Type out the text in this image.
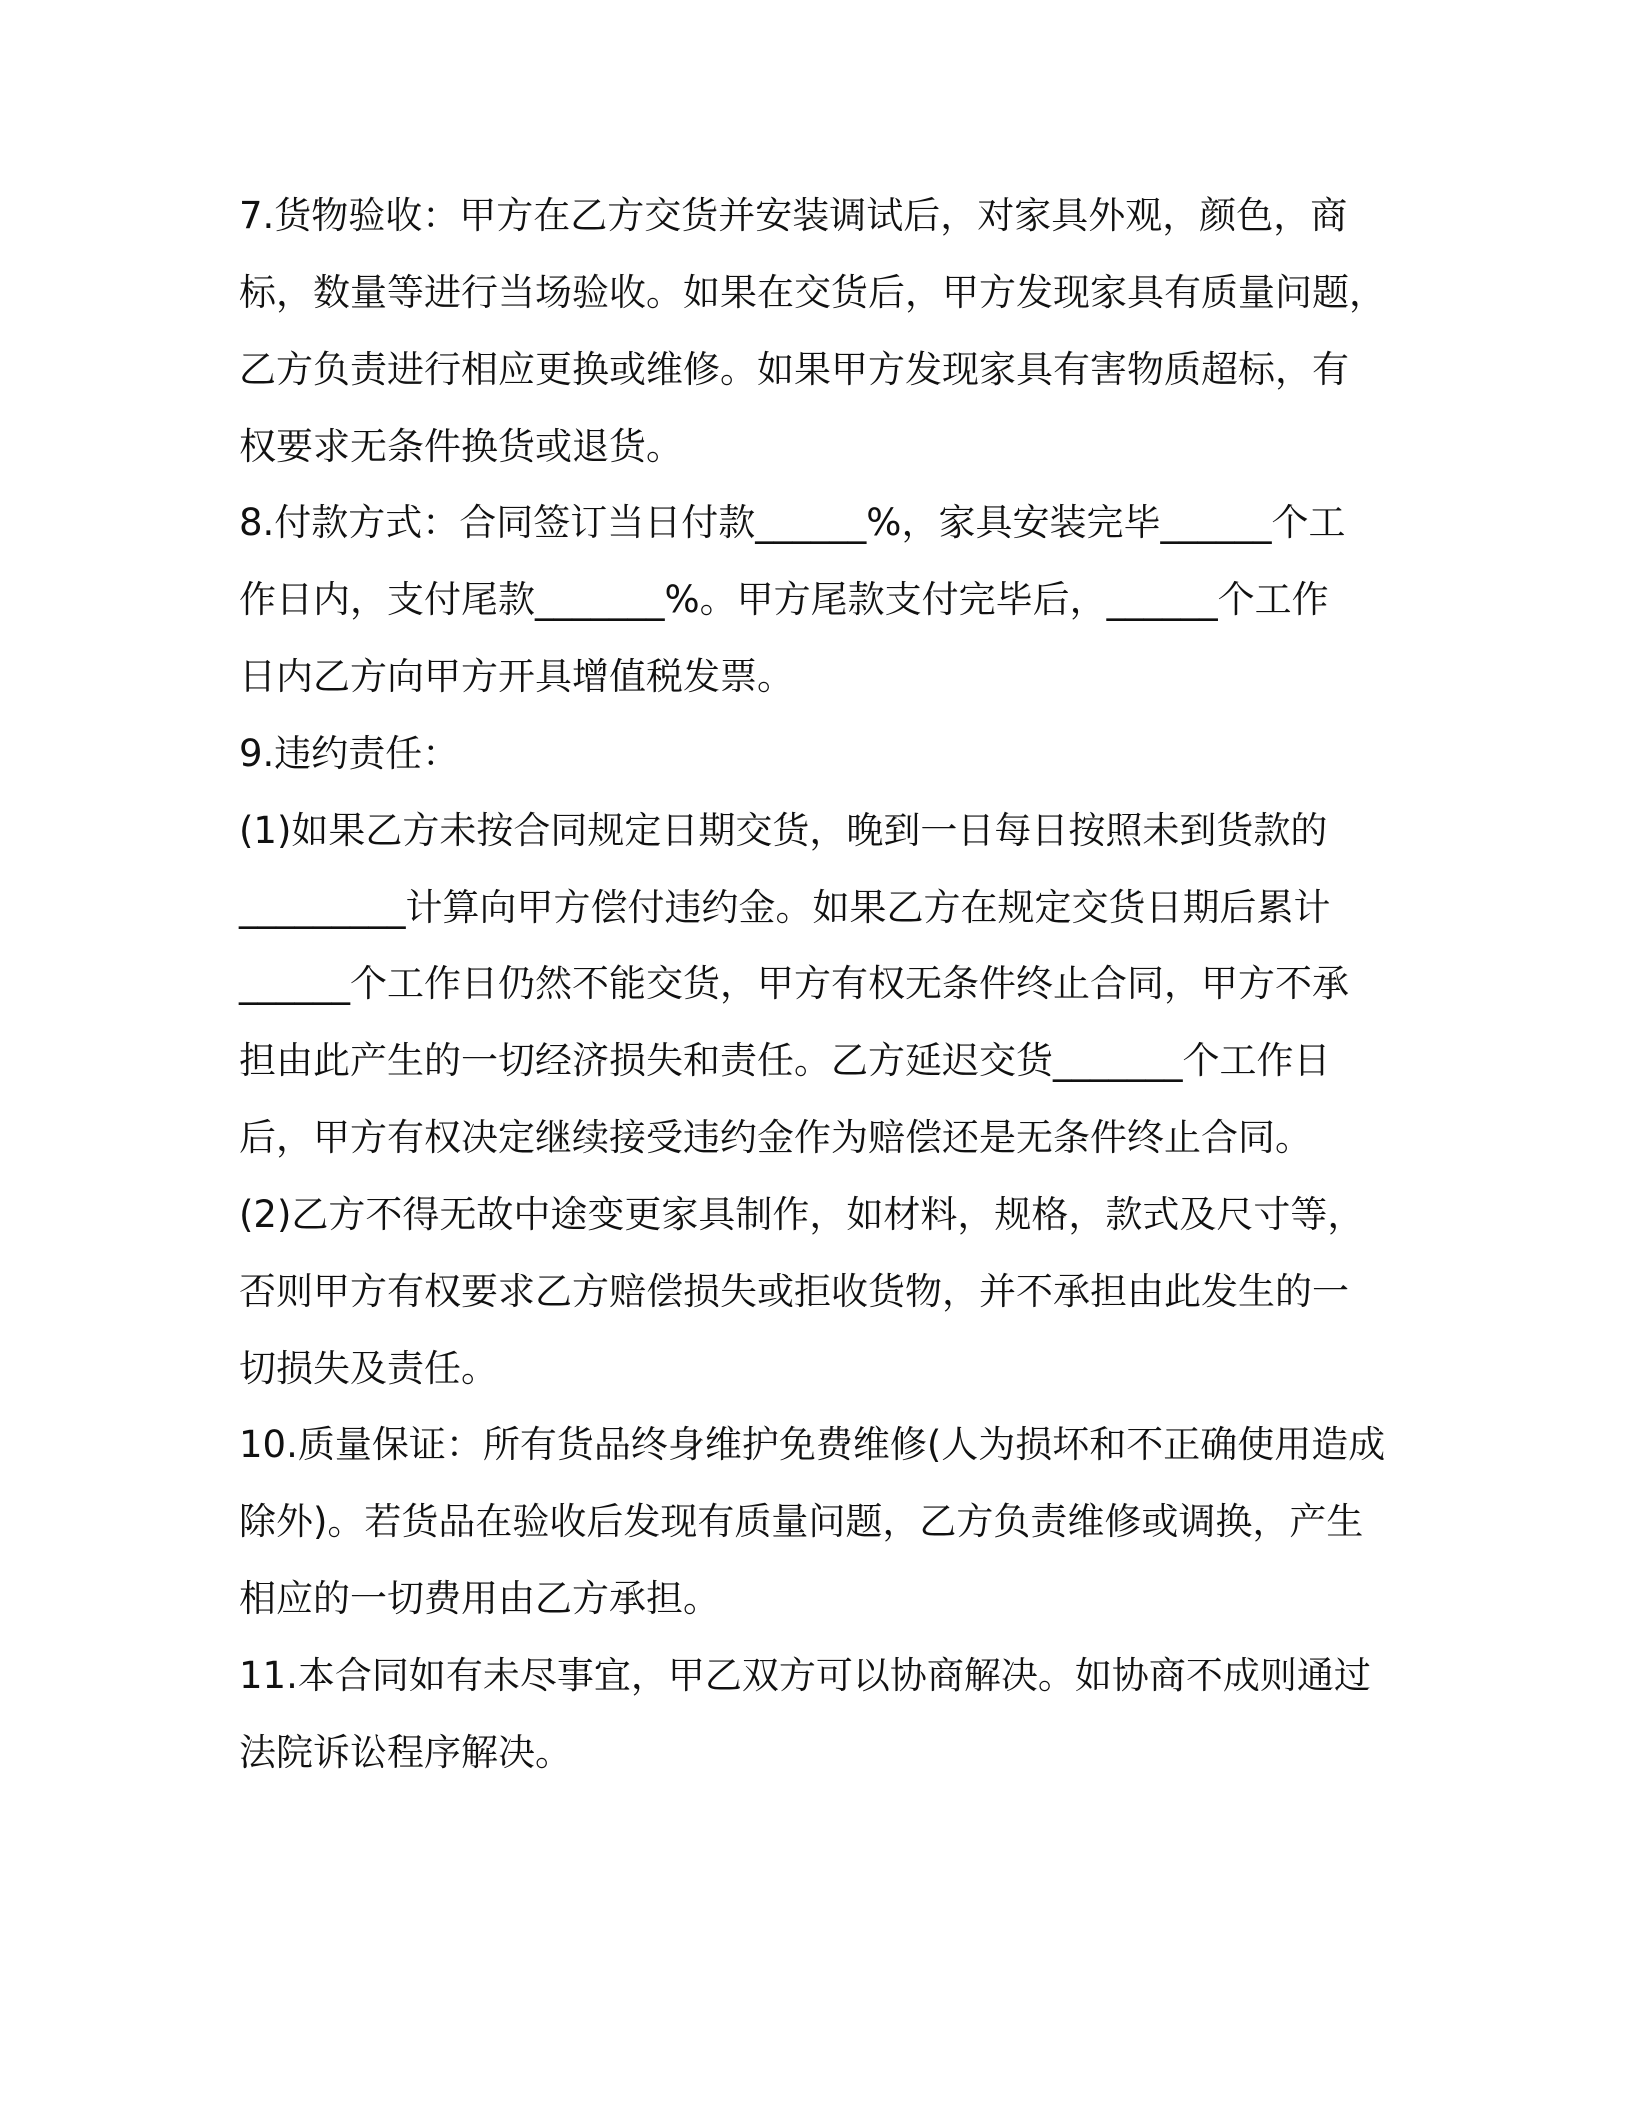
7.货物验收：甲方在乙方交货并安装调试后，对家具外观，颜色，商

标，数量等进行当场验收。如果在交货后，甲方发现家具有质量问题，

乙方负责进行相应更换或维修。如果甲方发现家具有害物质超标，有

权要求无条件换货或退货。

8.付款方式：合同签订当日付款______%，家具安装完毕______个工

作日内，支付尾款_______%。甲方尾款支付完毕后，______个工作

日内乙方向甲方开具增值税发票。

9.违约责任：

(1)如果乙方未按合同规定日期交货，晚到一日每日按照未到货款的

_________计算向甲方偿付违约金。如果乙方在规定交货日期后累计

______个工作日仍然不能交货，甲方有权无条件终止合同，甲方不承

担由此产生的一切经济损失和责任。乙方延迟交货_______个工作日

后，甲方有权决定继续接受违约金作为赔偿还是无条件终止合同。

(2)乙方不得无故中途变更家具制作，如材料，规格，款式及尺寸等，

否则甲方有权要求乙方赔偿损失或拒收货物，并不承担由此发生的一

切损失及责任。

10.质量保证：所有货品终身维护免费维修(人为损坏和不正确使用造成

除外)。若货品在验收后发现有质量问题，乙方负责维修或调换，产生

相应的一切费用由乙方承担。

11.本合同如有未尽事宜，甲乙双方可以协商解决。如协商不成则通过

法院诉讼程序解决。
